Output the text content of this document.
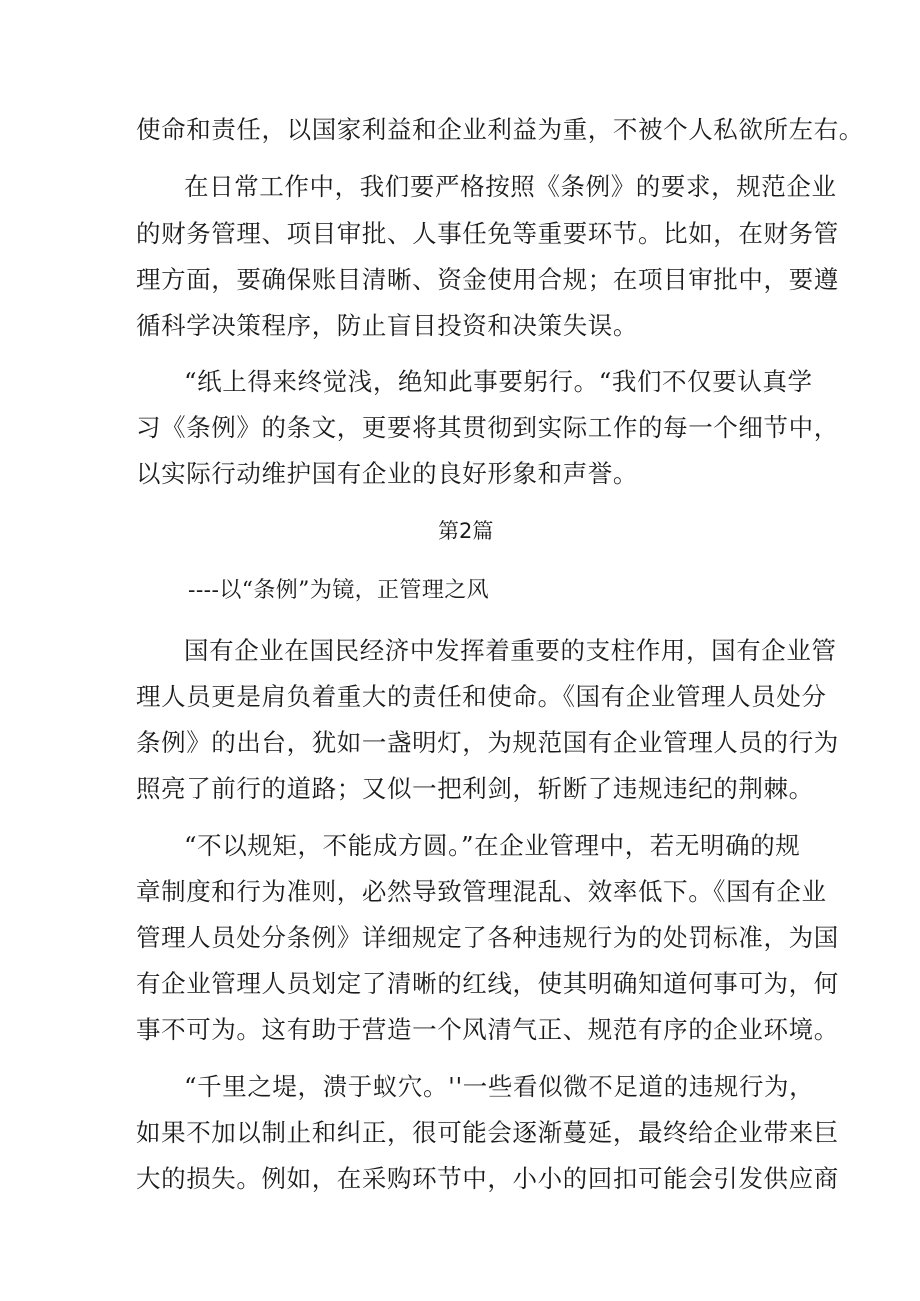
使命和责任，以国家利益和企业利益为重，不被个人私欲所左右。
在日常工作中，我们要严格按照《条例》的要求，规范企业
的财务管理、项目审批、人事任免等重要环节。比如，在财务管
理方面，要确保账目清晰、资金使用合规；在项目审批中，要遵
循科学决策程序，防止盲目投资和决策失误。
“纸上得来终觉浅，绝知此事要躬行。“我们不仅要认真学
习《条例》的条文，更要将其贯彻到实际工作的每一个细节中，
以实际行动维护国有企业的良好形象和声誉。
第2篇
----以“条例”为镜，正管理之风
国有企业在国民经济中发挥着重要的支柱作用，国有企业管
理人员更是肩负着重大的责任和使命。《国有企业管理人员处分
条例》的出台，犹如一盏明灯，为规范国有企业管理人员的行为
照亮了前行的道路；又似一把利剑，斩断了违规违纪的荆棘。
“不以规矩，不能成方圆。”在企业管理中，若无明确的规
章制度和行为准则，必然导致管理混乱、效率低下。《国有企业
管理人员处分条例》详细规定了各种违规行为的处罚标准，为国
有企业管理人员划定了清晰的红线，使其明确知道何事可为，何
事不可为。这有助于营造一个风清气正、规范有序的企业环境。
“千里之堤，溃于蚁穴。''一些看似微不足道的违规行为，
如果不加以制止和纠正，很可能会逐渐蔓延，最终给企业带来巨
大的损失。例如，在采购环节中，小小的回扣可能会引发供应商
